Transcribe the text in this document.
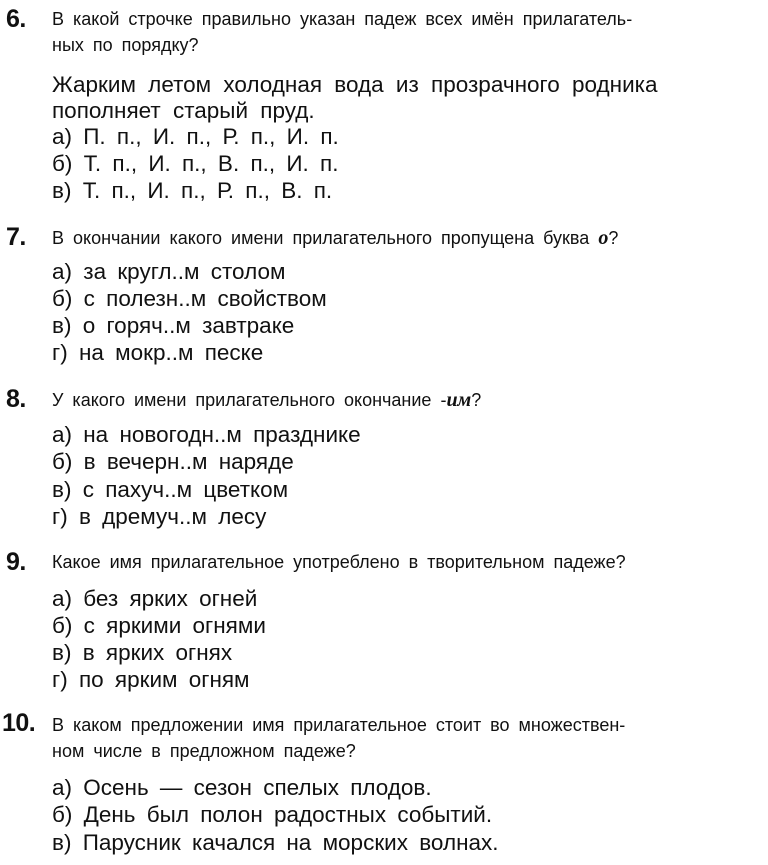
6. В какой строчке правильно указан падеж всех имён прилагатель-
ных по порядку?
Жарким летом холодная вода из прозрачного родника
пополняет старый пруд.
а) П. п., И. п., Р. п., И. п.
б) Т. п., И. п., В. п., И. п.
в) Т. п., И. п., Р. п., В. п.
7. В окончании какого имени прилагательного пропущена буква о?
а) за кругл..м столом
б) с полезн..м свойством
в) о горяч..м завтраке
г) на мокр..м песке
8. У какого имени прилагательного окончание -им?
а) на новогодн..м празднике
б) в вечерн..м наряде
в) с пахуч..м цветком
г) в дремуч..м лесу
9. Какое имя прилагательное употреблено в творительном падеже?
а) без ярких огней
б) с яркими огнями
в) в ярких огнях
г) по ярким огням
10. В каком предложении имя прилагательное стоит во множествен-
ном числе в предложном падеже?
а) Осень — сезон спелых плодов.
б) День был полон радостных событий.
в) Парусник качался на морских волнах.
